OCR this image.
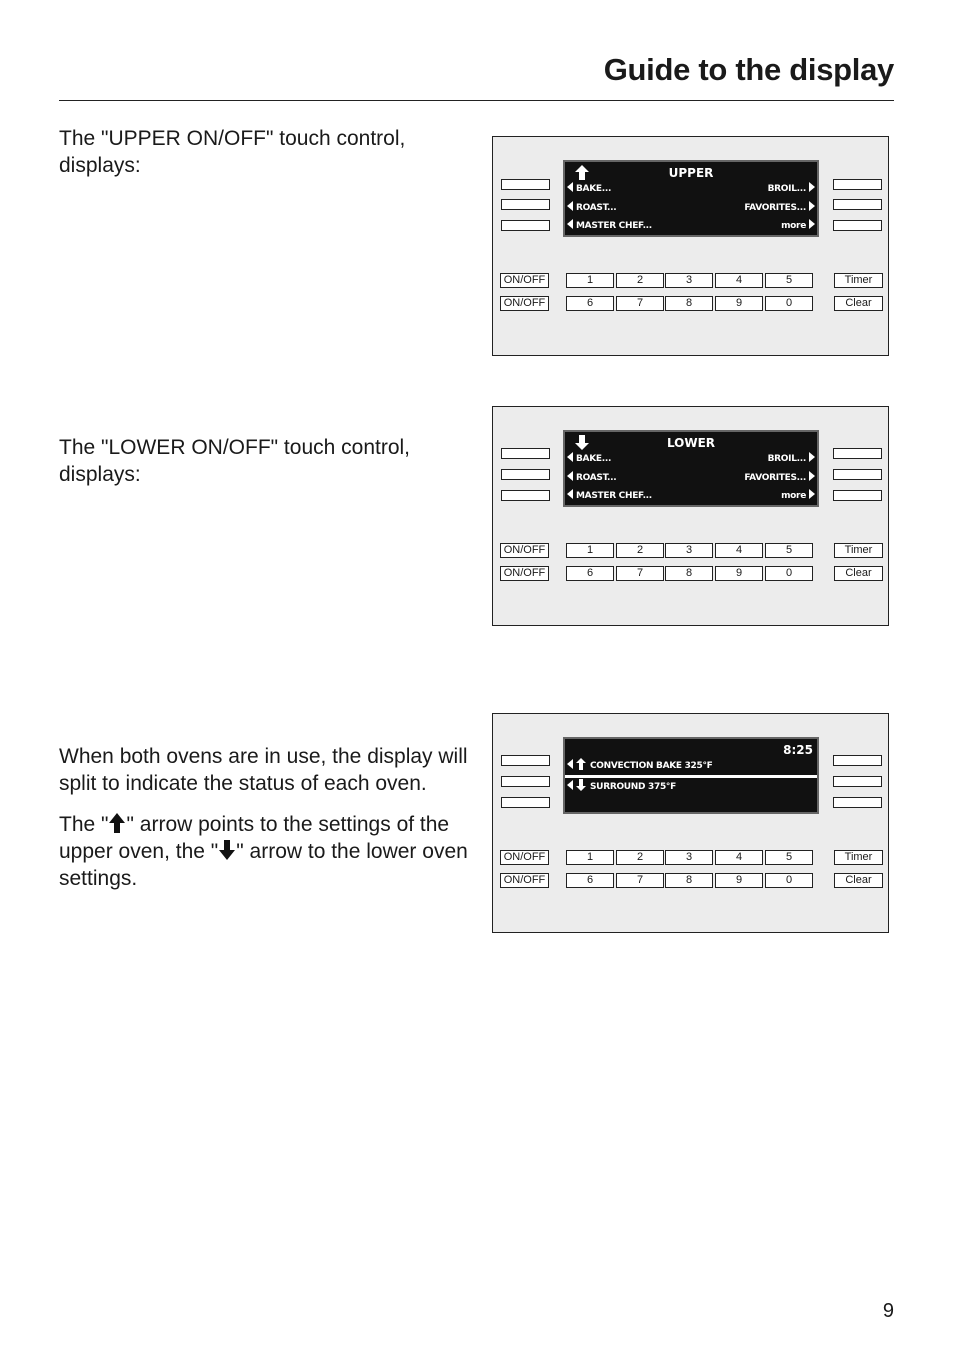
Guide to the display

The "UPPER ON/OFF" touch control, displays:

The "LOWER ON/OFF" touch control, displays:

When both ovens are in use, the display will split to indicate the status of each oven.

The " " arrow points to the settings of the upper oven, the " " arrow to the lower oven settings.

UPPER
BAKE...
ROAST...
MASTER CHEF...
BROIL...
FAVORITES...
more
ON/OFF
ON/OFF
1	2	3	4	5
6	7	8	9	0
Timer
Clear
LOWER
BAKE...
ROAST...
MASTER CHEF...
BROIL...
FAVORITES...
more
ON/OFF
ON/OFF
1	2	3	4	5
6	7	8	9	0
Timer
Clear
8:25
CONVECTION BAKE 325°F
SURROUND 375°F
ON/OFF
ON/OFF
1	2	3	4	5
6	7	8	9	0
Timer
Clear
9
